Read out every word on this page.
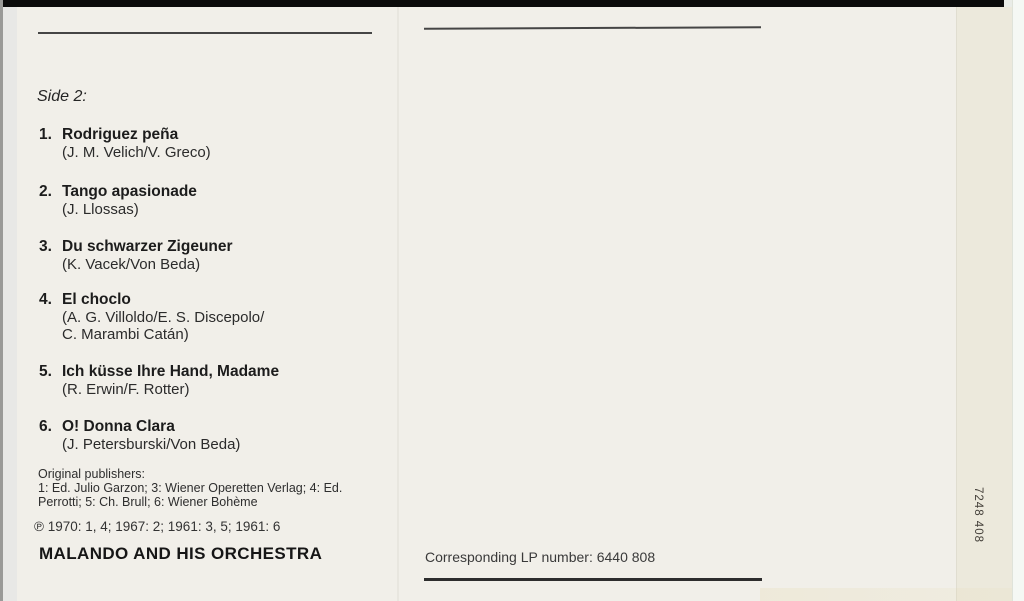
Side 2:
1. Rodriguez peña
(J. M. Velich/V. Greco)
2. Tango apasionade
(J. Llossas)
3. Du schwarzer Zigeuner
(K. Vacek/Von Beda)
4. El choclo
(A. G. Villoldo/E. S. Discepolo/
C. Marambi Catán)
5. Ich küsse Ihre Hand, Madame
(R. Erwin/F. Rotter)
6. O! Donna Clara
(J. Petersburski/Von Beda)
Original publishers:
1: Ed. Julio Garzon; 3: Wiener Operetten Verlag; 4: Ed.
Perrotti; 5: Ch. Brull; 6: Wiener Bohème
℗ 1970: 1, 4; 1967: 2; 1961: 3, 5; 1961: 6
MALANDO AND HIS ORCHESTRA	Corresponding LP number: 6440 808
7248 408
